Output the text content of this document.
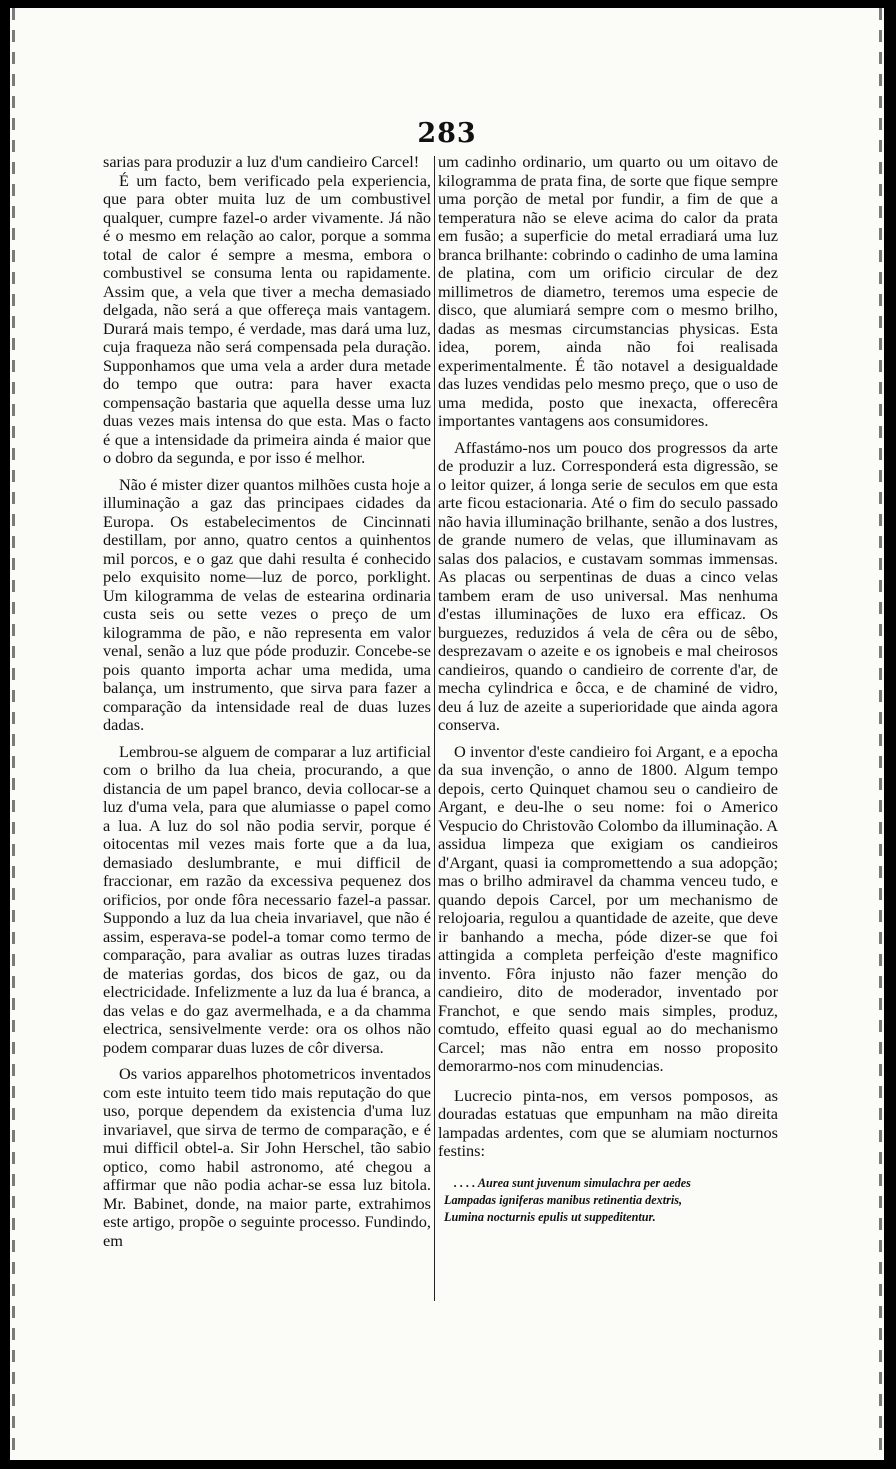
283

sarias para produzir a luz d'um candieiro Carcel!

É um facto, bem verificado pela experiencia, que para obter muita luz de um combustivel qualquer, cumpre fazel-o arder vivamente. Já não é o mesmo em relação ao calor, porque a somma total de calor é sempre a mesma, embora o combustivel se consuma lenta ou rapidamente. Assim que, a vela que tiver a mecha demasiado delgada, não será a que offereça mais vantagem. Durará mais tempo, é verdade, mas dará uma luz, cuja fraqueza não será compensada pela duração. Supponhamos que uma vela a arder dura metade do tempo que outra: para haver exacta compensação bastaria que aquella desse uma luz duas vezes mais intensa do que esta. Mas o facto é que a intensidade da primeira ainda é maior que o dobro da segunda, e por isso é melhor.

Não é mister dizer quantos milhões custa hoje a illuminação a gaz das principaes cidades da Europa. Os estabelecimentos de Cincinnati destillam, por anno, quatro centos a quinhentos mil porcos, e o gaz que dahi resulta é conhecido pelo exquisito nome—luz de porco, porklight. Um kilogramma de velas de estearina ordinaria custa seis ou sette vezes o preço de um kilogramma de pão, e não representa em valor venal, senão a luz que póde produzir. Concebe-se pois quanto importa achar uma medida, uma balança, um instrumento, que sirva para fazer a comparação da intensidade real de duas luzes dadas.

Lembrou-se alguem de comparar a luz artificial com o brilho da lua cheia, procurando, a que distancia de um papel branco, devia collocar-se a luz d'uma vela, para que alumiasse o papel como a lua. A luz do sol não podia servir, porque é oitocentas mil vezes mais forte que a da lua, demasiado deslumbrante, e mui difficil de fraccionar, em razão da excessiva pequenez dos orificios, por onde fôra necessario fazel-a passar. Suppondo a luz da lua cheia invariavel, que não é assim, esperava-se podel-a tomar como termo de comparação, para avaliar as outras luzes tiradas de materias gordas, dos bicos de gaz, ou da electricidade. Infelizmente a luz da lua é branca, a das velas e do gaz avermelhada, e a da chamma electrica, sensivelmente verde: ora os olhos não podem comparar duas luzes de côr diversa.

Os varios apparelhos photometricos inventados com este intuito teem tido mais reputação do que uso, porque dependem da existencia d'uma luz invariavel, que sirva de termo de comparação, e é mui difficil obtel-a. Sir John Herschel, tão sabio optico, como habil astronomo, até chegou a affirmar que não podia achar-se essa luz bitola. Mr. Babinet, donde, na maior parte, extrahimos este artigo, propõe o seguinte processo. Fundindo, em

um cadinho ordinario, um quarto ou um oitavo de kilogramma de prata fina, de sorte que fique sempre uma porção de metal por fundir, a fim de que a temperatura não se eleve acima do calor da prata em fusão; a superficie do metal erradiará uma luz branca brilhante: cobrindo o cadinho de uma lamina de platina, com um orificio circular de dez millimetros de diametro, teremos uma especie de disco, que alumiará sempre com o mesmo brilho, dadas as mesmas circumstancias physicas. Esta idea, porem, ainda não foi realisada experimentalmente. É tão notavel a desigualdade das luzes vendidas pelo mesmo preço, que o uso de uma medida, posto que inexacta, offerecêra importantes vantagens aos consumidores.

Affastámo-nos um pouco dos progressos da arte de produzir a luz. Corresponderá esta digressão, se o leitor quizer, á longa serie de seculos em que esta arte ficou estacionaria. Até o fim do seculo passado não havia illuminação brilhante, senão a dos lustres, de grande numero de velas, que illuminavam as salas dos palacios, e custavam sommas immensas. As placas ou serpentinas de duas a cinco velas tambem eram de uso universal. Mas nenhuma d'estas illuminações de luxo era efficaz. Os burguezes, reduzidos á vela de cêra ou de sêbo, desprezavam o azeite e os ignobeis e mal cheirosos candieiros, quando o candieiro de corrente d'ar, de mecha cylindrica e ôcca, e de chaminé de vidro, deu á luz de azeite a superioridade que ainda agora conserva.

O inventor d'este candieiro foi Argant, e a epocha da sua invenção, o anno de 1800. Algum tempo depois, certo Quinquet chamou seu o candieiro de Argant, e deu-lhe o seu nome: foi o Americo Vespucio do Christovão Colombo da illuminação. A assidua limpeza que exigiam os candieiros d'Argant, quasi ia compromettendo a sua adopção; mas o brilho admiravel da chamma venceu tudo, e quando depois Carcel, por um mechanismo de relojoaria, regulou a quantidade de azeite, que deve ir banhando a mecha, póde dizer-se que foi attingida a completa perfeição d'este magnifico invento. Fôra injusto não fazer menção do candieiro, dito de moderador, inventado por Franchot, e que sendo mais simples, produz, comtudo, effeito quasi egual ao do mechanismo Carcel; mas não entra em nosso proposito demorarmo-nos com minudencias.

Lucrecio pinta-nos, em versos pomposos, as douradas estatuas que empunham na mão direita lampadas ardentes, com que se alumiam nocturnos festins:

. . . . Aurea sunt juvenum simulachra per aedes
Lampadas igniferas manibus retinentia dextris,
Lumina nocturnis epulis ut suppeditentur.
